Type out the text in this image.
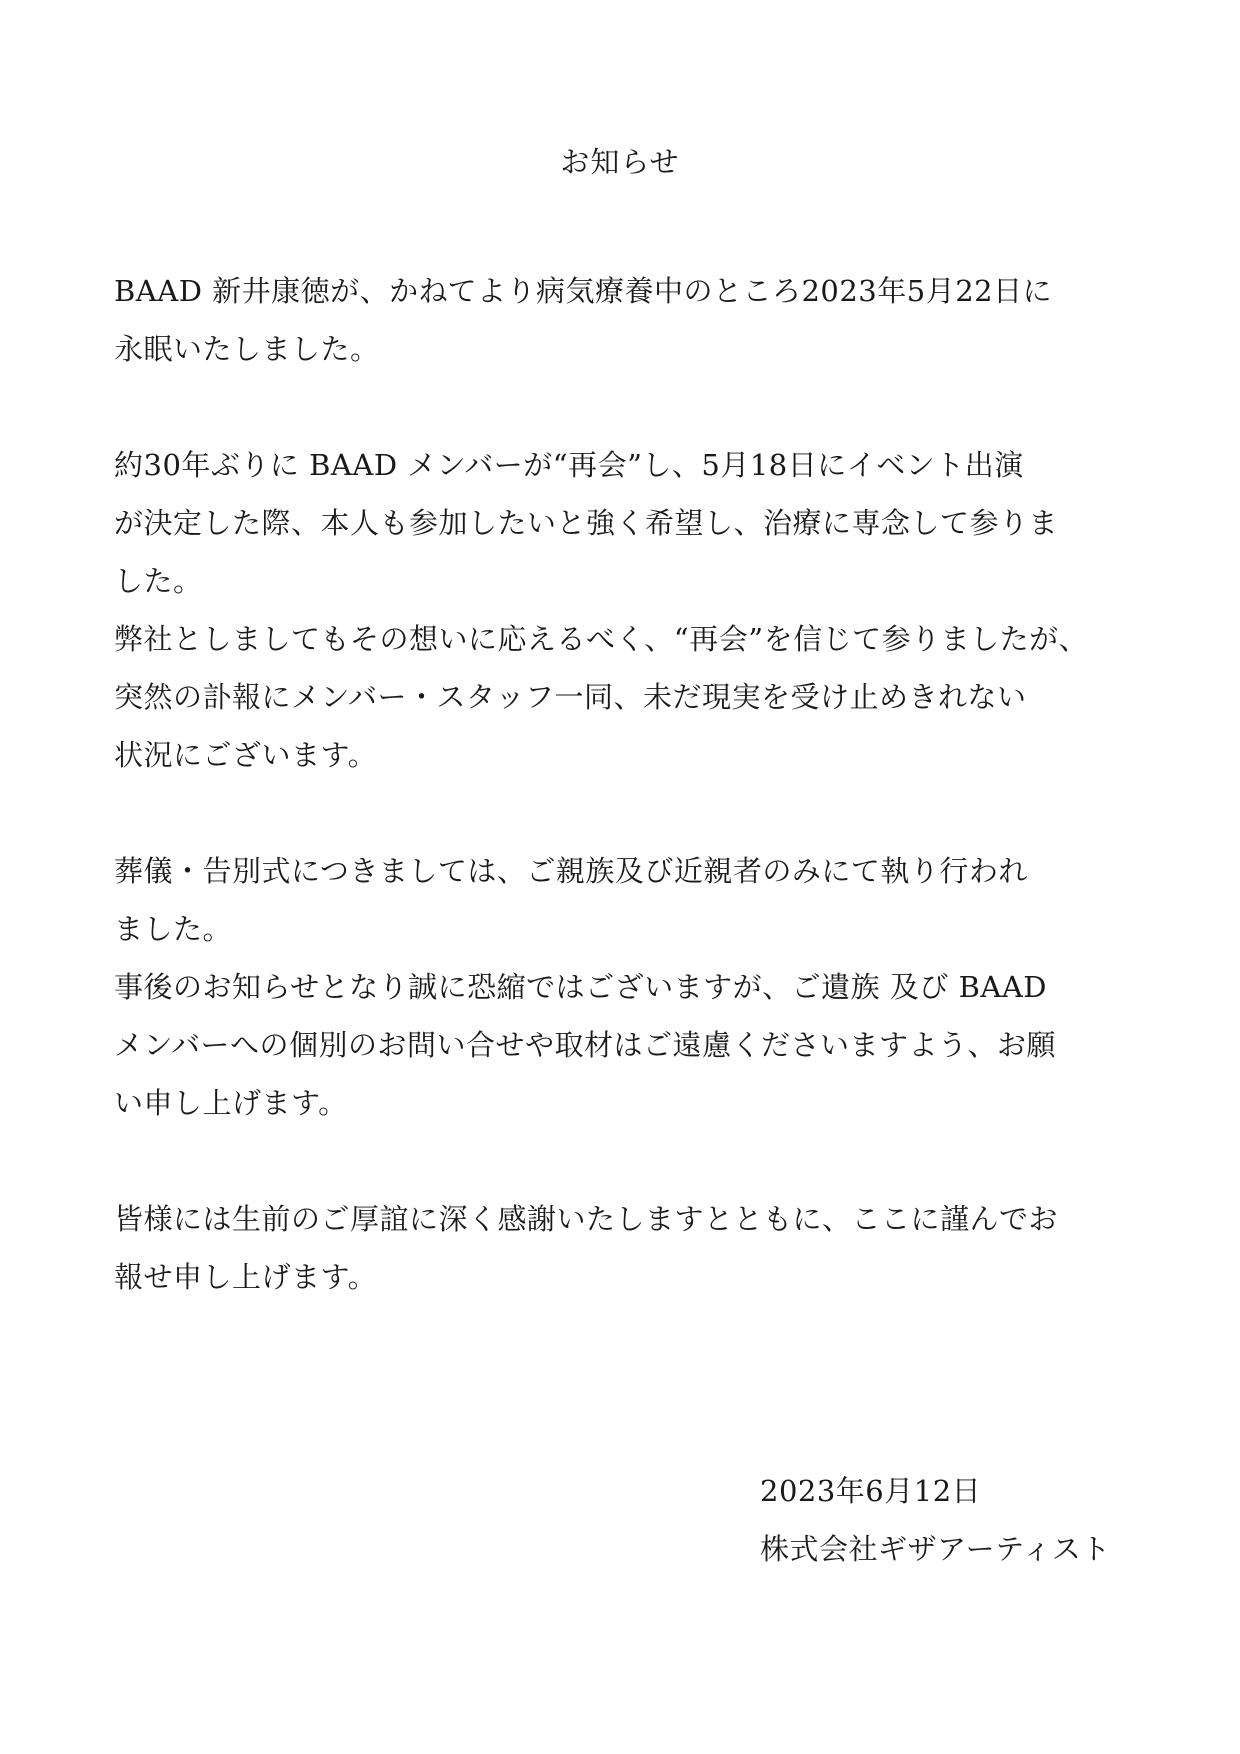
お知らせ

BAAD 新井康徳が、かねてより病気療養中のところ2023年5月22日に
永眠いたしました。

約30年ぶりに BAAD メンバーが“再会”し、5月18日にイベント出演
が決定した際、本人も参加したいと強く希望し、治療に専念して参りま
した。
弊社としましてもその想いに応えるべく、“再会”を信じて参りましたが、
突然の訃報にメンバー・スタッフ一同、未だ現実を受け止めきれない
状況にございます。

葬儀・告別式につきましては、ご親族及び近親者のみにて執り行われ
ました。
事後のお知らせとなり誠に恐縮ではございますが、ご遺族 及び BAAD
メンバーへの個別のお問い合せや取材はご遠慮くださいますよう、お願
い申し上げます。

皆様には生前のご厚誼に深く感謝いたしますとともに、ここに謹んでお
報せ申し上げます。

2023年6月12日
株式会社ギザアーティスト
